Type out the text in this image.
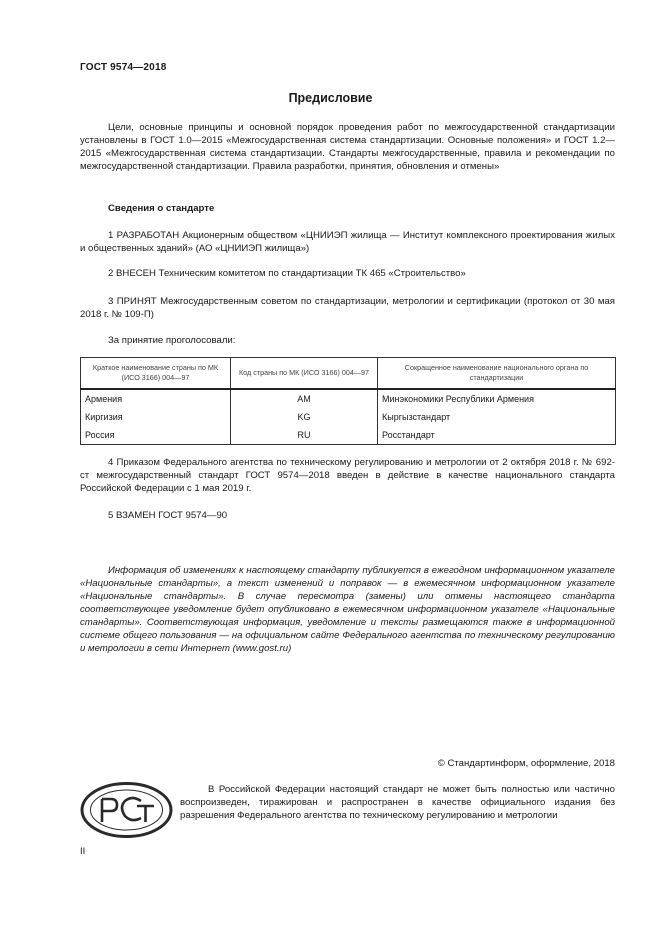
ГОСТ 9574—2018
Предисловие
Цели, основные принципы и основной порядок проведения работ по межгосударственной стандартизации установлены в ГОСТ 1.0—2015 «Межгосударственная система стандартизации. Основные положения» и ГОСТ 1.2—2015 «Межгосударственная система стандартизации. Стандарты межгосударственные, правила и рекомендации по межгосударственной стандартизации. Правила разработки, принятия, обновления и отмены»
Сведения о стандарте
1 РАЗРАБОТАН Акционерным обществом «ЦНИИЭП жилища — Институт комплексного проектирования жилых и общественных зданий» (АО «ЦНИИЭП жилища»)
2 ВНЕСЕН Техническим комитетом по стандартизации ТК 465 «Строительство»
3 ПРИНЯТ Межгосударственным советом по стандартизации, метрологии и сертификации (протокол от 30 мая 2018 г. № 109-П)
За принятие проголосовали:
Краткое наименование страны по МК (ИСО 3166) 004—97	Код страны по МК (ИСО 3166) 004—97	Сокращенное наименование национального органа по стандартизации
Армения	AM	Минэкономики Республики Армения
Киргизия	KG	Кыргызстандарт
Россия	RU	Росстандарт
4 Приказом Федерального агентства по техническому регулированию и метрологии от 2 октября 2018 г. № 692-ст межгосударственный стандарт ГОСТ 9574—2018 введен в действие в качестве национального стандарта Российской Федерации с 1 мая 2019 г.
5 ВЗАМЕН ГОСТ 9574—90
Информация об изменениях к настоящему стандарту публикуется в ежегодном информационном указателе «Национальные стандарты», а текст изменений и поправок — в ежемесячном информационном указателе «Национальные стандарты». В случае пересмотра (замены) или отмены настоящего стандарта соответствующее уведомление будет опубликовано в ежемесячном информационном указателе «Национальные стандарты». Соответствующая информация, уведомление и тексты размещаются также в информационной системе общего пользования — на официальном сайте Федерального агентства по техническому регулированию и метрологии в сети Интернет (www.gost.ru)
© Стандартинформ, оформление, 2018
В Российской Федерации настоящий стандарт не может быть полностью или частично воспроизведен, тиражирован и распространен в качестве официального издания без разрешения Федерального агентства по техническому регулированию и метрологии
II
